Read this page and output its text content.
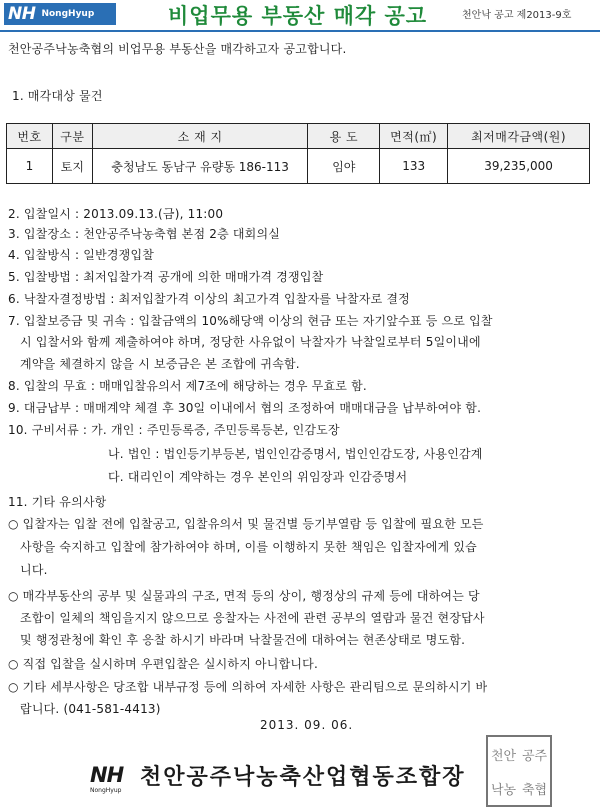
NH NongHyup	비업무용 부동산 매각 공고	천안낙 공고 제2013-9호
천안공주낙농축협의 비업무용 부동산을 매각하고자 공고합니다.
1. 매각대상 물건
번호	구분	소 재 지	용 도	면적(㎡)	최저매각금액(원)
1	토지	충청남도 동남구 유량동 186-113	임야	133	39,235,000
2. 입찰일시 : 2013.09.13.(금), 11:00
3. 입찰장소 : 천안공주낙농축협 본점 2층 대회의실
4. 입찰방식 : 일반경쟁입찰
5. 입찰방법 : 최저입찰가격 공개에 의한 매매가격 경쟁입찰
6. 낙찰자결정방법 : 최저입찰가격 이상의 최고가격 입찰자를 낙찰자로 결정
7. 입찰보증금 및 귀속 : 입찰금액의 10%해당액 이상의 현금 또는 자기앞수표 등 으로 입찰
시 입찰서와 함께 제출하여야 하며, 정당한 사유없이 낙찰자가 낙찰일로부터 5일이내에
계약을 체결하지 않을 시 보증금은 본 조합에 귀속함.
8. 입찰의 무효 : 매매입찰유의서 제7조에 해당하는 경우 무효로 함.
9. 대금납부 : 매매계약 체결 후 30일 이내에서 협의 조정하여 매매대금을 납부하여야 함.
10. 구비서류 : 가. 개인 : 주민등록증, 주민등록등본, 인감도장
나. 법인 : 법인등기부등본, 법인인감증명서, 법인인감도장, 사용인감계
다. 대리인이 계약하는 경우 본인의 위임장과 인감증명서
11. 기타 유의사항
○ 입찰자는 입찰 전에 입찰공고, 입찰유의서 및 물건별 등기부열람 등 입찰에 필요한 모든
사항을 숙지하고 입찰에 참가하여야 하며, 이를 이행하지 못한 책임은 입찰자에게 있습
니다.
○ 매각부동산의 공부 및 실물과의 구조, 면적 등의 상이, 행정상의 규제 등에 대하여는 당
조합이 일체의 책임을지지 않으므로 응찰자는 사전에 관련 공부의 열람과 물건 현장답사
및 행정관청에 확인 후 응찰 하시기 바라며 낙찰물건에 대하여는 현존상태로 명도함.
○ 직접 입찰을 실시하며 우편입찰은 실시하지 아니합니다.
○ 기타 세부사항은 당조합 내부규정 등에 의하여 자세한 사항은 관리팀으로 문의하시기 바
랍니다. (041-581-4413)
2013. 09. 06.
NH
NongHyup
천안공주낙농축산업협동조합장
천안 공주
낙농 축협
